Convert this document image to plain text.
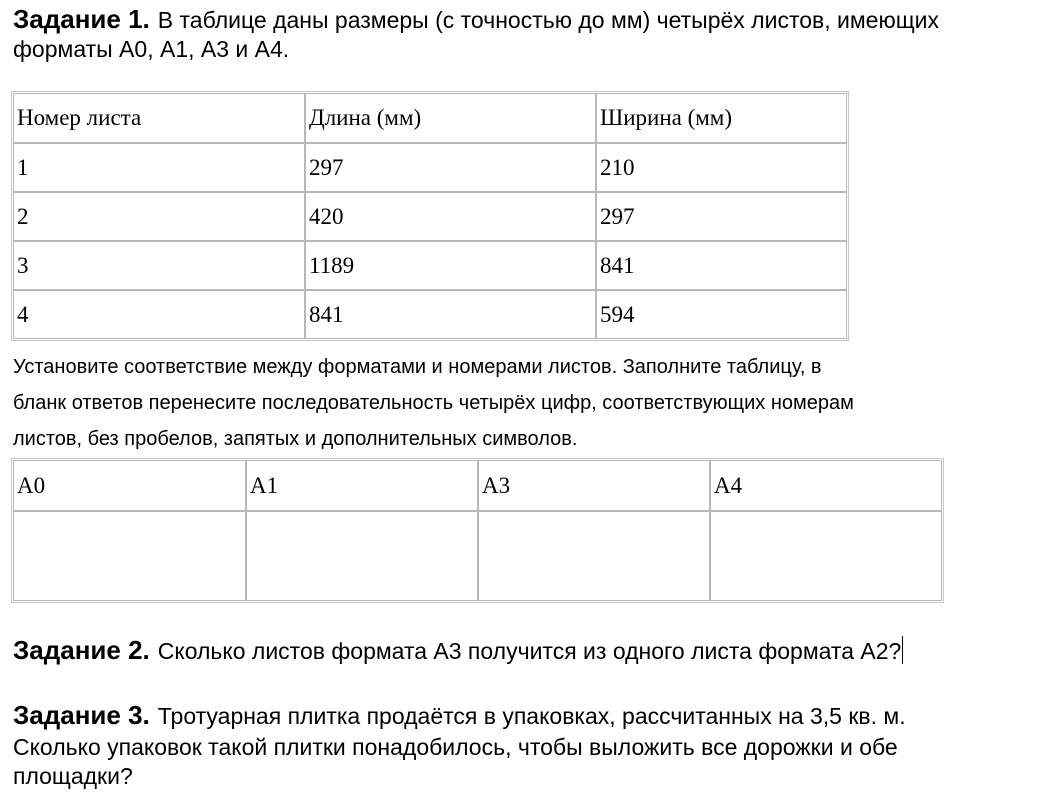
Задание 1. В таблице даны размеры (с точностью до мм) четырёх листов, имеющих
форматы А0, А1, А3 и А4.
Номер листа	Длина (мм)	Ширина (мм)
1	297	210
2	420	297
3	1189	841
4	841	594
Установите соответствие между форматами и номерами листов. Заполните таблицу, в
бланк ответов перенесите последовательность четырёх цифр, соответствующих номерам
листов, без пробелов, запятых и дополнительных символов.
А0	А1	А3	А4

Задание 2. Сколько листов формата А3 получится из одного листа формата А2?
Задание 3. Тротуарная плитка продаётся в упаковках, рассчитанных на 3,5 кв. м.
Сколько упаковок такой плитки понадобилось, чтобы выложить все дорожки и обе
площадки?
